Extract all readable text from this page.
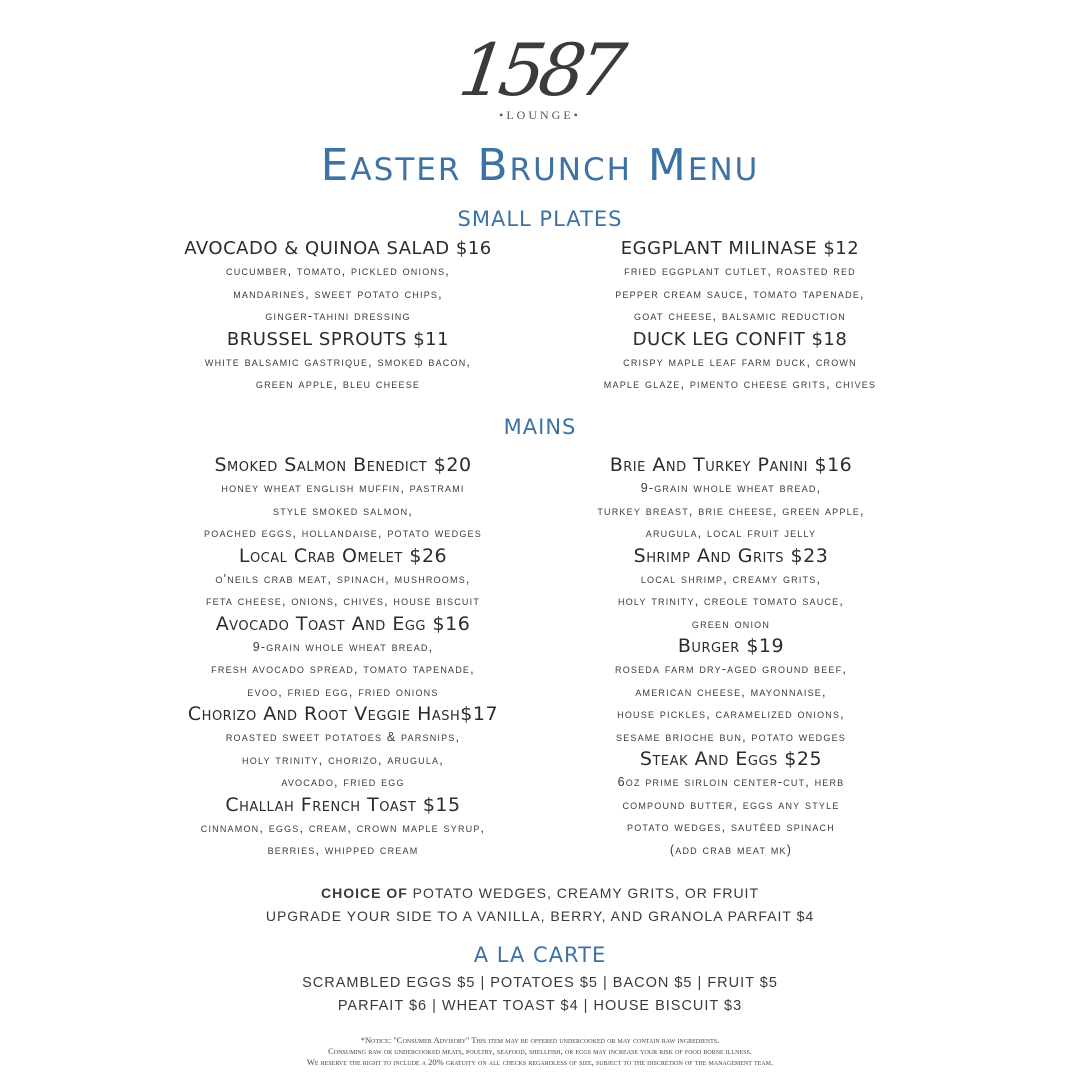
1587
•LOUNGE•
Easter Brunch Menu
SMALL PLATES
AVOCADO & QUINOA SALAD $16
cucumber, tomato, pickled onions,
mandarines, sweet potato chips,
ginger-tahini dressing
BRUSSEL SPROUTS $11
white balsamic gastrique, smoked bacon,
green apple, bleu cheese
EGGPLANT MILINASE $12
fried eggplant cutlet, roasted red
pepper cream sauce, tomato tapenade,
goat cheese, balsamic reduction
DUCK LEG CONFIT $18
crispy maple leaf farm duck, crown
maple glaze, pimento cheese grits, chives
MAINS
Smoked Salmon Benedict $20
honey wheat english muffin, pastrami
style smoked salmon,
poached eggs, hollandaise, potato wedges
Local Crab Omelet $26
o'neils crab meat, spinach, mushrooms,
feta cheese, onions, chives, house biscuit
Avocado Toast And Egg $16
9-grain whole wheat bread,
fresh avocado spread, tomato tapenade,
evoo, fried egg, fried onions
Chorizo And Root Veggie Hash$17
roasted sweet potatoes & parsnips,
holy trinity, chorizo, arugula,
avocado, fried egg
Challah French Toast $15
cinnamon, eggs, cream, crown maple syrup,
berries, whipped cream
Brie And Turkey Panini $16
9-grain whole wheat bread,
turkey breast, brie cheese, green apple,
arugula, local fruit jelly
Shrimp And Grits $23
local shrimp, creamy grits,
holy trinity, creole tomato sauce,
green onion
Burger $19
roseda farm dry-aged ground beef,
american cheese, mayonnaise,
house pickles, caramelized onions,
sesame brioche bun, potato wedges
Steak And Eggs $25
6oz prime sirloin center-cut, herb
compound butter, eggs any style
potato wedges, sautéed spinach
(add crab meat mk)
CHOICE OF POTATO WEDGES, CREAMY GRITS, OR FRUIT
UPGRADE YOUR SIDE TO A VANILLA, BERRY, AND GRANOLA PARFAIT $4
A LA CARTE
SCRAMBLED EGGS $5 | POTATOES $5 | BACON $5 | FRUIT $5
PARFAIT $6 | WHEAT TOAST $4 | HOUSE BISCUIT $3
*Notice: "Consumer Advisory" This item may be offered undercooked or may contain raw ingredients.
Consuming raw or undercooked meats, poultry, seafood, shellfish, or eggs may increase your risk of food borne illness.
We reserve the right to include a 20% gratuity on all checks regardless of size, subject to the discretion of the management team.
